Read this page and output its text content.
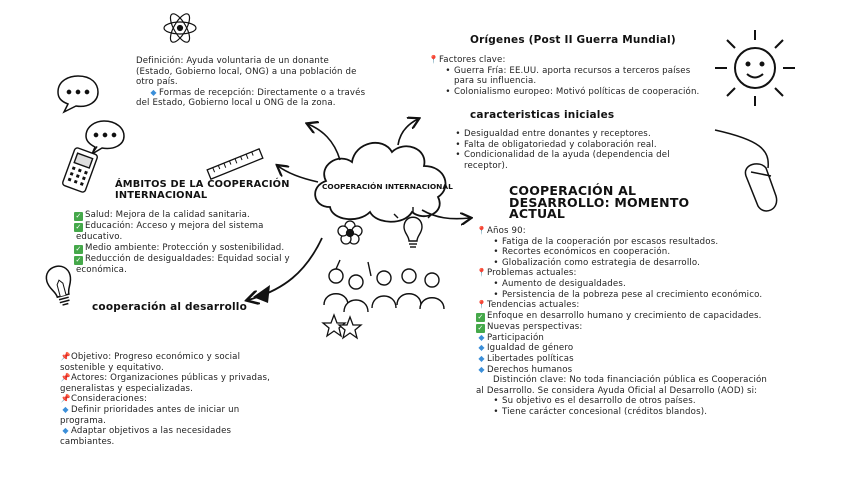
COOPERACIÓN INTERNACIONAL
Definición: Ayuda voluntaria de un donante
(Estado, Gobierno local, ONG) a una población de
otro país.
◆ Formas de recepción: Directamente o a través
del Estado, Gobierno local u ONG de la zona.
Orígenes (Post II Guerra Mundial)
📍Factores clave:
• Guerra Fría: EE.UU. aporta recursos a terceros países
para su influencia.
• Colonialismo europeo: Motivó políticas de cooperación.
caracteristicas iniciales
• Desigualdad entre donantes y receptores.
• Falta de obligatoriedad y colaboración real.
• Condicionalidad de la ayuda (dependencia del
receptor).
ÁMBITOS DE LA COOPERACIÓN
INTERNACIONAL
✓ Salud: Mejora de la calidad sanitaria.
✓ Educación: Acceso y mejora del sistema
educativo.
✓ Medio ambiente: Protección y sostenibilidad.
✓ Reducción de desigualdades: Equidad social y
económica.
cooperación al desarrollo
📌Objetivo: Progreso económico y social
sostenible y equitativo.
📌Actores: Organizaciones públicas y privadas,
generalistas y especializadas.
📌Consideraciones:
◆ Definir prioridades antes de iniciar un
programa.
◆ Adaptar objetivos a las necesidades
cambiantes.
COOPERACIÓN AL
DESARROLLO: MOMENTO
ACTUAL
📍Años 90:
• Fatiga de la cooperación por escasos resultados.
• Recortes económicos en cooperación.
• Globalización como estrategia de desarrollo.
📍Problemas actuales:
• Aumento de desigualdades.
• Persistencia de la pobreza pese al crecimiento económico.
📍Tendencias actuales:
✓ Enfoque en desarrollo humano y crecimiento de capacidades.
✓ Nuevas perspectivas:
◆ Participación
◆ Igualdad de género
◆ Libertades políticas
◆ Derechos humanos
Distinción clave: No toda financiación pública es Cooperación
al Desarrollo. Se considera Ayuda Oficial al Desarrollo (AOD) si:
• Su objetivo es el desarrollo de otros países.
• Tiene carácter concesional (créditos blandos).
